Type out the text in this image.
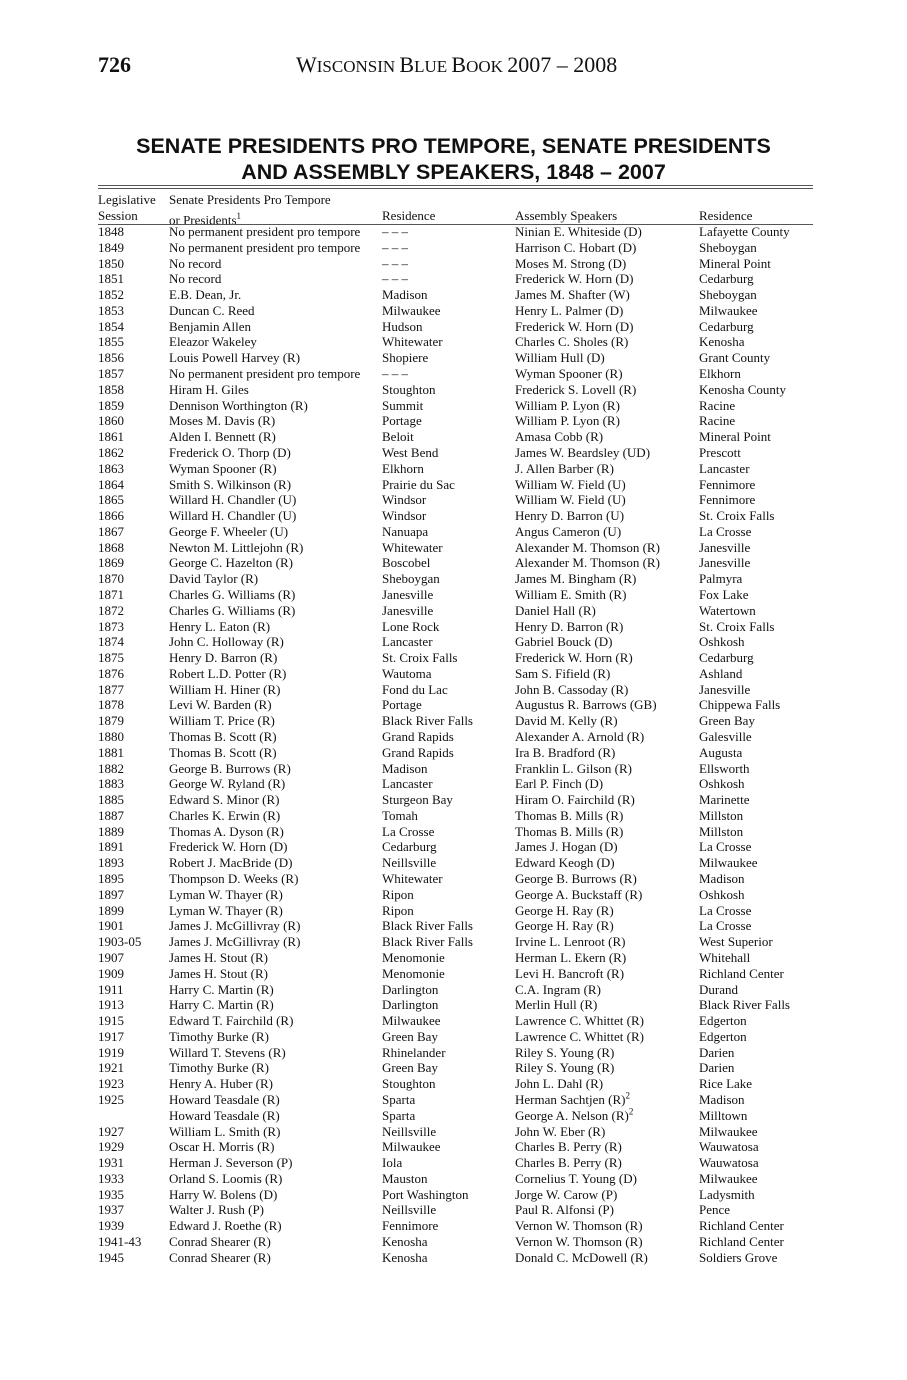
726	WISCONSIN BLUE BOOK 2007 – 2008
SENATE PRESIDENTS PRO TEMPORE, SENATE PRESIDENTS
AND ASSEMBLY SPEAKERS, 1848 – 2007
Legislative
Session
Senate Presidents Pro Tempore
or Presidents$^1$	Residence	Assembly Speakers	Residence
1848	No permanent president pro tempore	– – –	Ninian E. Whiteside (D)	Lafayette County
1849	No permanent president pro tempore	– – –	Harrison C. Hobart (D)	Sheboygan
1850	No record	– – –	Moses M. Strong (D)	Mineral Point
1851	No record	– – –	Frederick W. Horn (D)	Cedarburg
1852	E.B. Dean, Jr.	Madison	James M. Shafter (W)	Sheboygan
1853	Duncan C. Reed	Milwaukee	Henry L. Palmer (D)	Milwaukee
1854	Benjamin Allen	Hudson	Frederick W. Horn (D)	Cedarburg
1855	Eleazor Wakeley	Whitewater	Charles C. Sholes (R)	Kenosha
1856	Louis Powell Harvey (R)	Shopiere	William Hull (D)	Grant County
1857	No permanent president pro tempore	– – –	Wyman Spooner (R)	Elkhorn
1858	Hiram H. Giles	Stoughton	Frederick S. Lovell (R)	Kenosha County
1859	Dennison Worthington (R)	Summit	William P. Lyon (R)	Racine
1860	Moses M. Davis (R)	Portage	William P. Lyon (R)	Racine
1861	Alden I. Bennett (R)	Beloit	Amasa Cobb (R)	Mineral Point
1862	Frederick O. Thorp (D)	West Bend	James W. Beardsley (UD)	Prescott
1863	Wyman Spooner (R)	Elkhorn	J. Allen Barber (R)	Lancaster
1864	Smith S. Wilkinson (R)	Prairie du Sac	William W. Field (U)	Fennimore
1865	Willard H. Chandler (U)	Windsor	William W. Field (U)	Fennimore
1866	Willard H. Chandler (U)	Windsor	Henry D. Barron (U)	St. Croix Falls
1867	George F. Wheeler (U)	Nanuapa	Angus Cameron (U)	La Crosse
1868	Newton M. Littlejohn (R)	Whitewater	Alexander M. Thomson (R)	Janesville
1869	George C. Hazelton (R)	Boscobel	Alexander M. Thomson (R)	Janesville
1870	David Taylor (R)	Sheboygan	James M. Bingham (R)	Palmyra
1871	Charles G. Williams (R)	Janesville	William E. Smith (R)	Fox Lake
1872	Charles G. Williams (R)	Janesville	Daniel Hall (R)	Watertown
1873	Henry L. Eaton (R)	Lone Rock	Henry D. Barron (R)	St. Croix Falls
1874	John C. Holloway (R)	Lancaster	Gabriel Bouck (D)	Oshkosh
1875	Henry D. Barron (R)	St. Croix Falls	Frederick W. Horn (R)	Cedarburg
1876	Robert L.D. Potter (R)	Wautoma	Sam S. Fifield (R)	Ashland
1877	William H. Hiner (R)	Fond du Lac	John B. Cassoday (R)	Janesville
1878	Levi W. Barden (R)	Portage	Augustus R. Barrows (GB)	Chippewa Falls
1879	William T. Price (R)	Black River Falls	David M. Kelly (R)	Green Bay
1880	Thomas B. Scott (R)	Grand Rapids	Alexander A. Arnold (R)	Galesville
1881	Thomas B. Scott (R)	Grand Rapids	Ira B. Bradford (R)	Augusta
1882	George B. Burrows (R)	Madison	Franklin L. Gilson (R)	Ellsworth
1883	George W. Ryland (R)	Lancaster	Earl P. Finch (D)	Oshkosh
1885	Edward S. Minor (R)	Sturgeon Bay	Hiram O. Fairchild (R)	Marinette
1887	Charles K. Erwin (R)	Tomah	Thomas B. Mills (R)	Millston
1889	Thomas A. Dyson (R)	La Crosse	Thomas B. Mills (R)	Millston
1891	Frederick W. Horn (D)	Cedarburg	James J. Hogan (D)	La Crosse
1893	Robert J. MacBride (D)	Neillsville	Edward Keogh (D)	Milwaukee
1895	Thompson D. Weeks (R)	Whitewater	George B. Burrows (R)	Madison
1897	Lyman W. Thayer (R)	Ripon	George A. Buckstaff (R)	Oshkosh
1899	Lyman W. Thayer (R)	Ripon	George H. Ray (R)	La Crosse
1901	James J. McGillivray (R)	Black River Falls	George H. Ray (R)	La Crosse
1903-05	James J. McGillivray (R)	Black River Falls	Irvine L. Lenroot (R)	West Superior
1907	James H. Stout (R)	Menomonie	Herman L. Ekern (R)	Whitehall
1909	James H. Stout (R)	Menomonie	Levi H. Bancroft (R)	Richland Center
1911	Harry C. Martin (R)	Darlington	C.A. Ingram (R)	Durand
1913	Harry C. Martin (R)	Darlington	Merlin Hull (R)	Black River Falls
1915	Edward T. Fairchild (R)	Milwaukee	Lawrence C. Whittet (R)	Edgerton
1917	Timothy Burke (R)	Green Bay	Lawrence C. Whittet (R)	Edgerton
1919	Willard T. Stevens (R)	Rhinelander	Riley S. Young (R)	Darien
1921	Timothy Burke (R)	Green Bay	Riley S. Young (R)	Darien
1923	Henry A. Huber (R)	Stoughton	John L. Dahl (R)	Rice Lake
1925	Howard Teasdale (R)	Sparta	Herman Sachtjen $(R)^2$	Madison
	Howard Teasdale (R)	Sparta	George A. Nelson $(R)^2$	Milltown
1927	William L. Smith (R)	Neillsville	John W. Eber (R)	Milwaukee
1929	Oscar H. Morris (R)	Milwaukee	Charles B. Perry (R)	Wauwatosa
1931	Herman J. Severson (P)	Iola	Charles B. Perry (R)	Wauwatosa
1933	Orland S. Loomis (R)	Mauston	Cornelius T. Young (D)	Milwaukee
1935	Harry W. Bolens (D)	Port Washington	Jorge W. Carow (P)	Ladysmith
1937	Walter J. Rush (P)	Neillsville	Paul R. Alfonsi (P)	Pence
1939	Edward J. Roethe (R)	Fennimore	Vernon W. Thomson (R)	Richland Center
1941-43	Conrad Shearer (R)	Kenosha	Vernon W. Thomson (R)	Richland Center
1945	Conrad Shearer (R)	Kenosha	Donald C. McDowell (R)	Soldiers Grove
